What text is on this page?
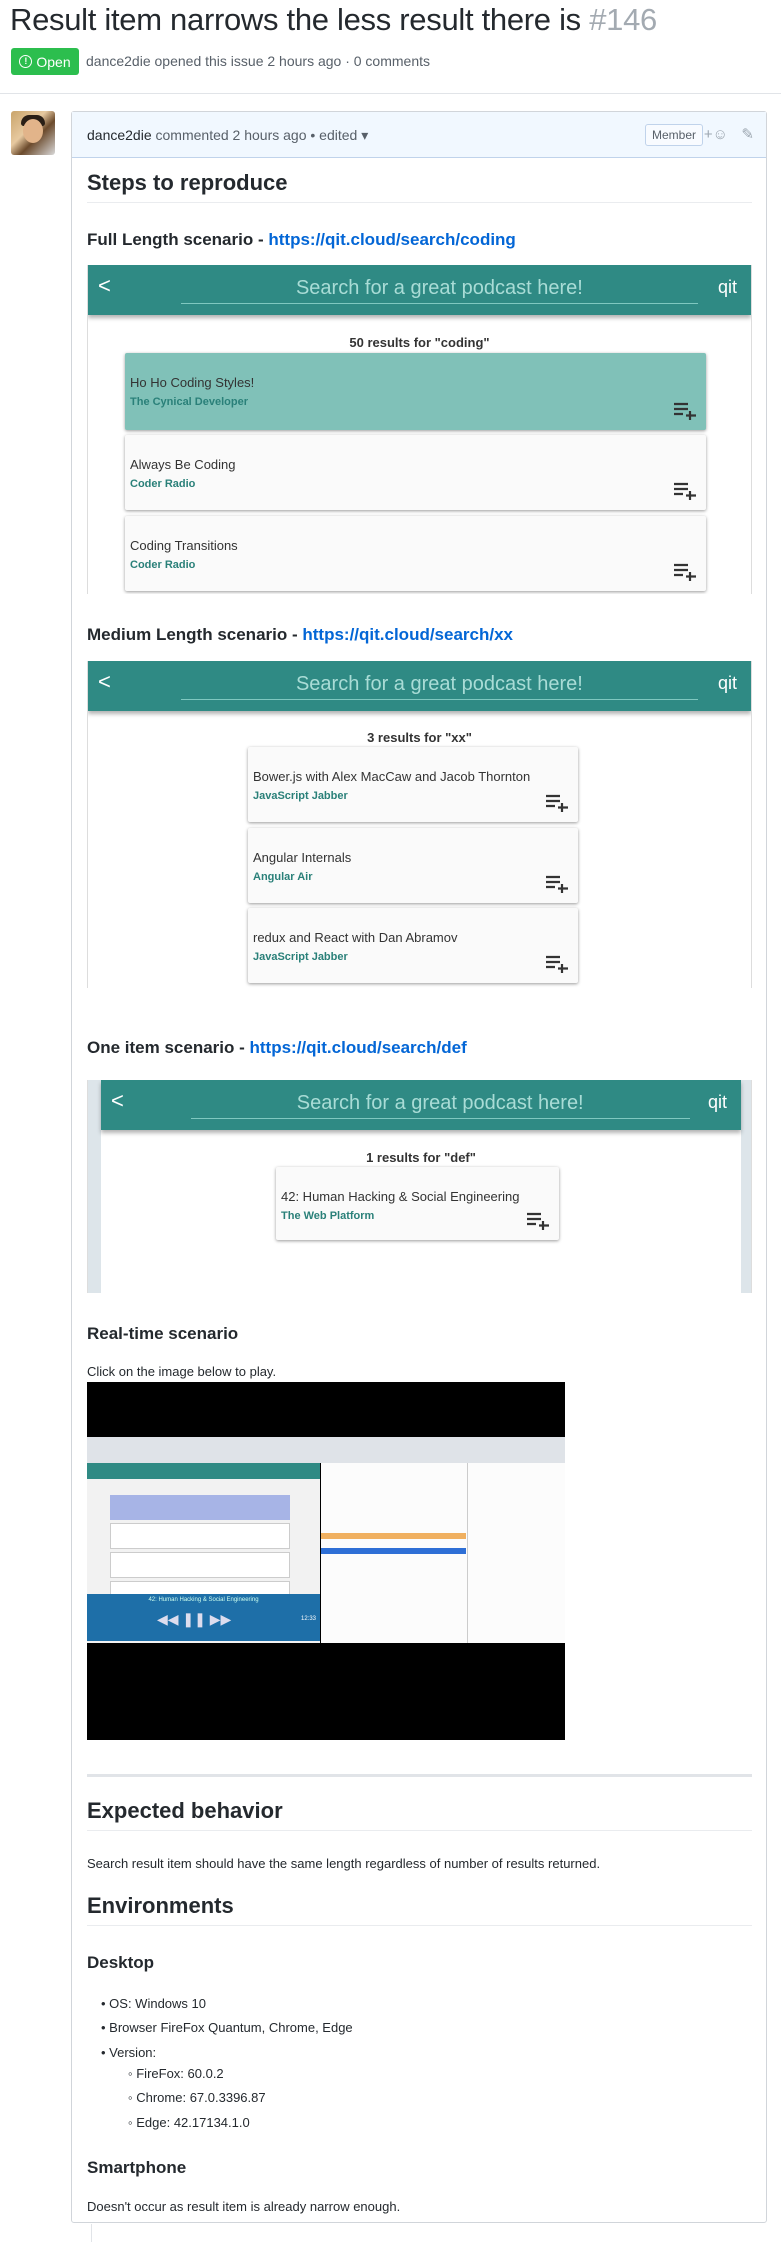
Result item narrows the less result there is #146
! Open dance2die opened this issue 2 hours ago · 0 comments
dance2die commented 2 hours ago • edited ▾	Member +☺ ✎
Steps to reproduce
Full Length scenario - https://qit.cloud/search/coding
<	Search for a great podcast here!	qit
50 results for "coding"
Ho Ho Coding Styles!
The Cynical Developer
Always Be Coding
Coder Radio
Coding Transitions
Coder Radio
Medium Length scenario - https://qit.cloud/search/xx
<	Search for a great podcast here!	qit
3 results for "xx"
Bower.js with Alex MacCaw and Jacob Thornton
JavaScript Jabber
Angular Internals
Angular Air
redux and React with Dan Abramov
JavaScript Jabber
One item scenario - https://qit.cloud/search/def
<	Search for a great podcast here!	qit
1 results for "def"
42: Human Hacking & Social Engineering
The Web Platform
Real-time scenario
Click on the image below to play.
42: Human Hacking & Social Engineering
◀◀ ❚❚ ▶▶	12:33
Expected behavior
Search result item should have the same length regardless of number of results returned.
Environments
Desktop
• OS: Windows 10
• Browser FireFox Quantum, Chrome, Edge
• Version:
◦ FireFox: 60.0.2
◦ Chrome: 67.0.3396.87
◦ Edge: 42.17134.1.0
Smartphone
Doesn't occur as result item is already narrow enough.
